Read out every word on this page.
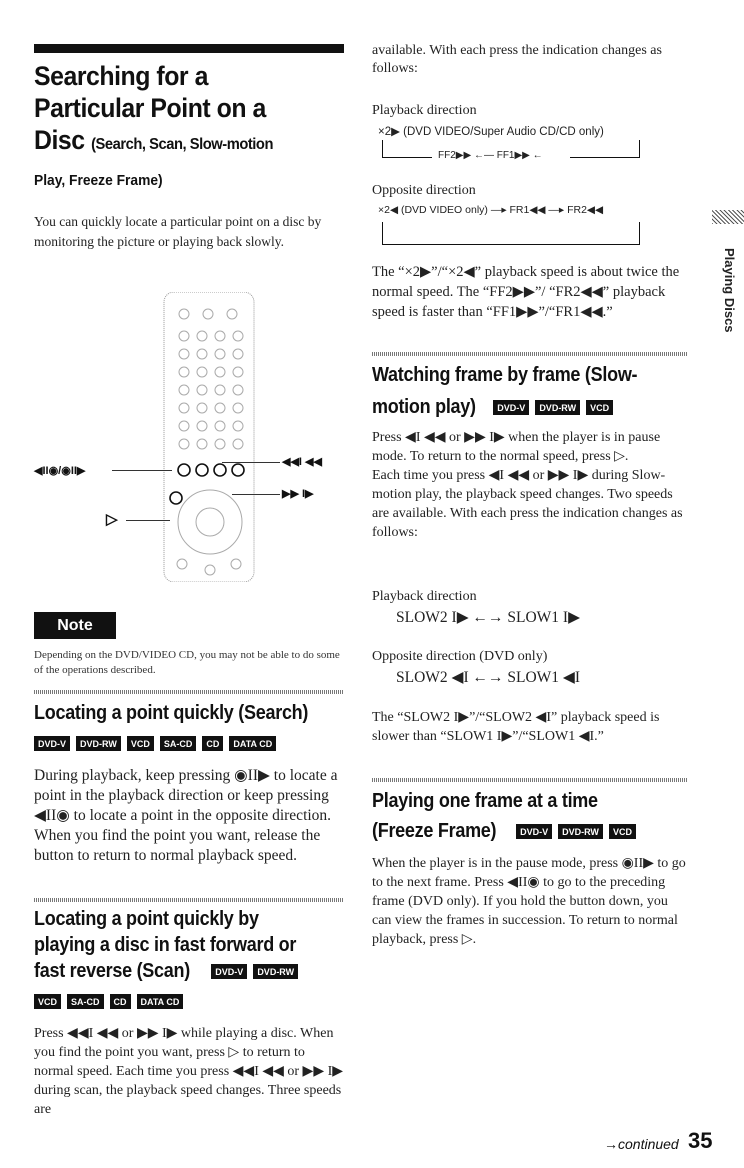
Searching for a
Particular Point on a
Disc (Search, Scan, Slow-motion
Play, Freeze Frame)
You can quickly locate a particular point on a disc by monitoring the picture or playing back slowly.
◀II◉/◉II▶
◀◀I ◀◀
▶▶ I▶
▷
Note
Depending on the DVD/VIDEO CD, you may not be able to do some of the operations described.
Locating a point quickly (Search)
DVD-V DVD-RW VCD SA-CD CD DATA CD
During playback, keep pressing ◉II▶ to locate a point in the playback direction or keep pressing ◀II◉ to locate a point in the opposite direction. When you find the point you want, release the button to return to normal playback speed.
Locating a point quickly by
playing a disc in fast forward or
fast reverse (Scan)	DVD-V	DVD-RW
VCD SA-CD CD DATA CD
Press ◀◀I ◀◀ or ▶▶ I▶ while playing a disc. When you find the point you want, press ▷ to return to normal speed. Each time you press ◀◀I ◀◀ or ▶▶ I▶ during scan, the playback speed changes. Three speeds are
available. With each press the indication changes as follows:
Playback direction
×2▶ (DVD VIDEO/Super Audio CD/CD only)
FF2▶▶ ←— FF1▶▶ ←
Opposite direction
×2◀ (DVD VIDEO only) —▸ FR1◀◀ —▸ FR2◀◀
The “×2▶”/“×2◀” playback speed is about twice the normal speed. The “FF2▶▶”/ “FR2◀◀” playback speed is faster than “FF1▶▶”/“FR1◀◀.”
Watching frame by frame (Slow-
motion play)	DVD-V	DVD-RW	VCD
Press ◀I ◀◀ or ▶▶ I▶ when the player is in pause mode. To return to the normal speed, press ▷.
Each time you press ◀I ◀◀ or ▶▶ I▶ during Slow-motion play, the playback speed changes. Two speeds are available. With each press the indication changes as follows:
Playback direction
SLOW2 I▶ ←→ SLOW1 I▶
Opposite direction (DVD only)
SLOW2 ◀I ←→ SLOW1 ◀I
The “SLOW2 I▶”/“SLOW2 ◀I” playback speed is slower than “SLOW1 I▶”/“SLOW1 ◀I.”
Playing one frame at a time
(Freeze Frame)	DVD-V	DVD-RW	VCD
When the player is in the pause mode, press ◉II▶ to go to the next frame. Press ◀II◉ to go to the preceding frame (DVD only). If you hold the button down, you can view the frames in succession. To return to normal playback, press ▷.
Playing Discs
→continued 35
